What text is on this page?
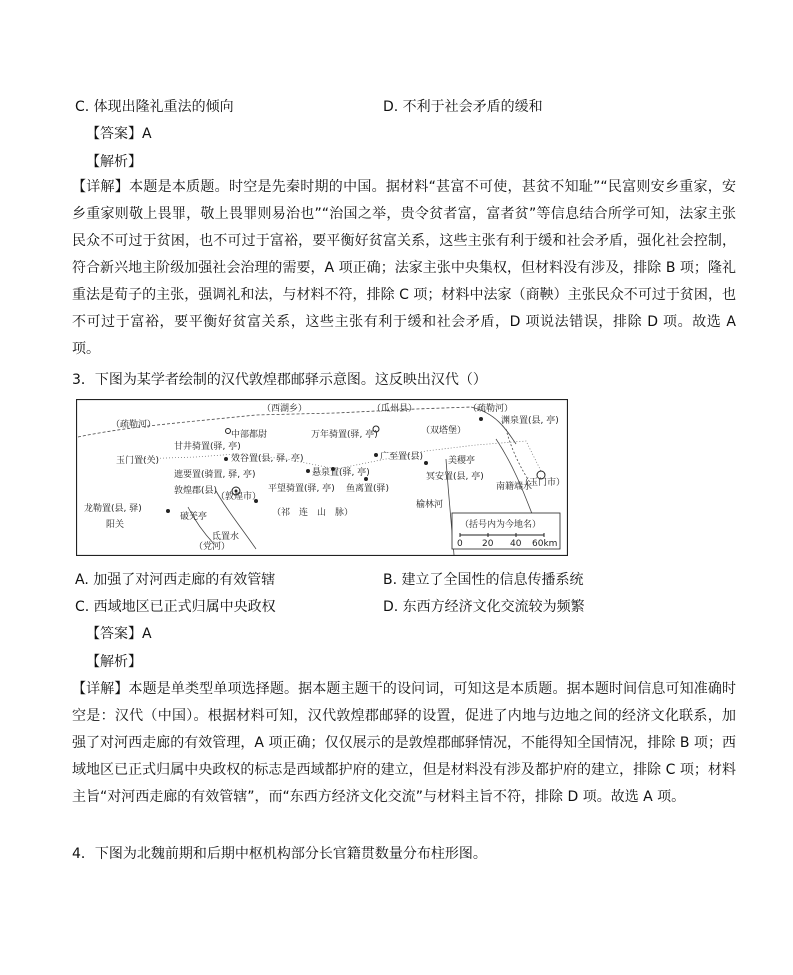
C. 体现出隆礼重法的倾向	D. 不利于社会矛盾的缓和
【答案】A
【解析】
【详解】本题是本质题。时空是先秦时期的中国。据材料“甚富不可使，甚贫不知耻”“民富则安乡重家，安乡重家则敬上畏罪，敬上畏罪则易治也”“治国之举，贵令贫者富，富者贫”等信息结合所学可知，法家主张民众不可过于贫困，也不可过于富裕，要平衡好贫富关系，这些主张有利于缓和社会矛盾，强化社会控制，符合新兴地主阶级加强社会治理的需要，A 项正确；法家主张中央集权，但材料没有涉及，排除 B 项；隆礼重法是荀子的主张，强调礼和法，与材料不符，排除 C 项；材料中法家（商鞅）主张民众不可过于贫困，也不可过于富裕，要平衡好贫富关系，这些主张有利于缓和社会矛盾，D 项说法错误，排除 D 项。故选 A 项。
3．下图为某学者绘制的汉代敦煌郡邮驿示意图。这反映出汉代（）
（疏勒河）
（西湖乡）	（瓜州县）	（疏勒河）
中部都尉	万年骑置(驿, 亭)	（双塔堡）
渊泉置(县, 亭)
甘井骑置(驿, 亭)
玉门置(关)	效谷置(县, 驿, 亭)	广至置(县)	美稷亭
遮要置(骑置, 驿, 亭)	悬泉置(驿, 亭)	冥安置(县, 亭)
（玉门市）
敦煌郡(县)
（敦煌市）
平望骑置(驿, 亭) 鱼离置(驿)
龙勒置(县, 驿)
阳关
破羌亭	（祁　连　山　脉）
氐置水
（党河）
榆林河
南籍端水
（括号内为今地名）
0 20 40 60km
A. 加强了对河西走廊的有效管辖	B. 建立了全国性的信息传播系统
C. 西域地区已正式归属中央政权	D. 东西方经济文化交流较为频繁
【答案】A
【解析】
【详解】本题是单类型单项选择题。据本题主题干的设问词，可知这是本质题。据本题时间信息可知准确时空是：汉代（中国）。根据材料可知，汉代敦煌郡邮驿的设置，促进了内地与边地之间的经济文化联系，加强了对河西走廊的有效管理，A 项正确；仅仅展示的是敦煌郡邮驿情况，不能得知全国情况，排除 B 项；西域地区已正式归属中央政权的标志是西域都护府的建立，但是材料没有涉及都护府的建立，排除 C 项；材料主旨“对河西走廊的有效管辖”，而“东西方经济文化交流”与材料主旨不符，排除 D 项。故选 A 项。
4．下图为北魏前期和后期中枢机构部分长官籍贯数量分布柱形图。
